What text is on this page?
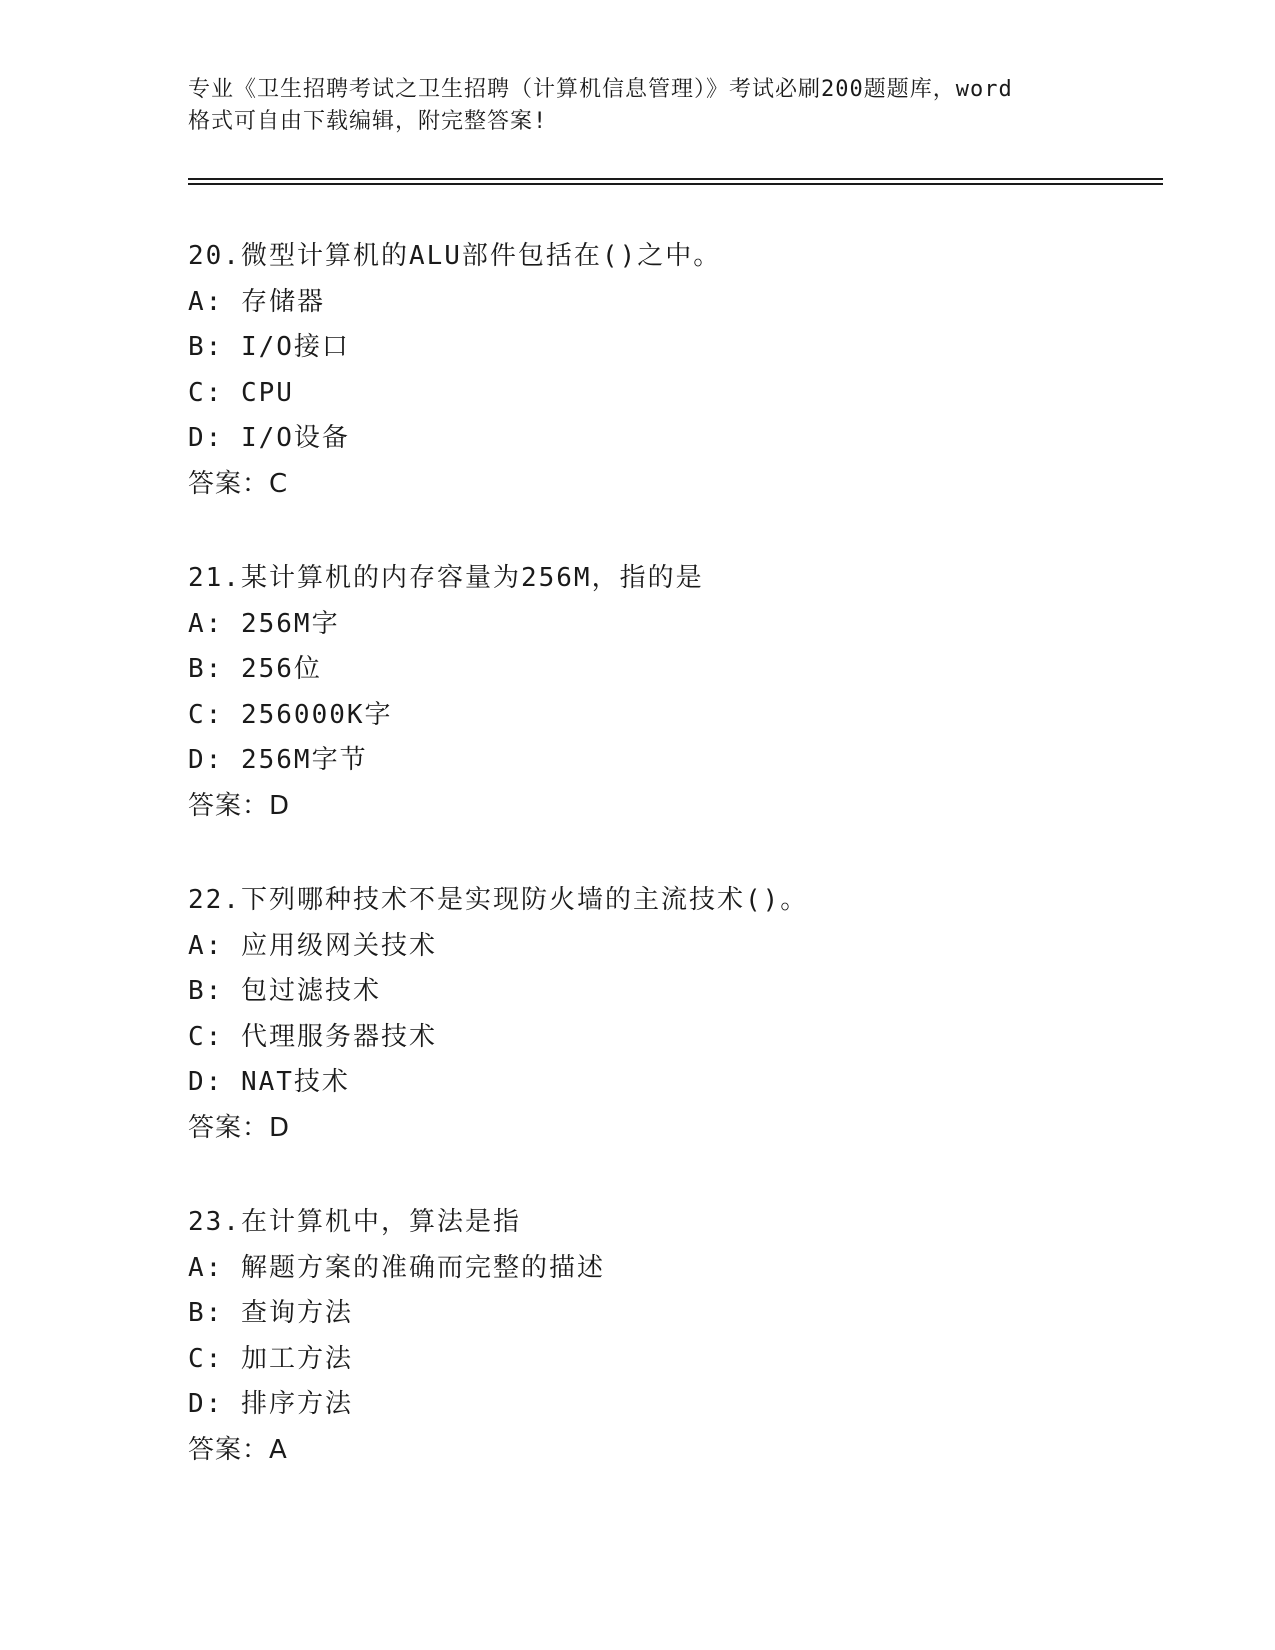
专业《卫生招聘考试之卫生招聘（计算机信息管理）》考试必刷200题题库，word
格式可自由下载编辑，附完整答案!
20.微型计算机的ALU部件包括在()之中。
A: 存储器
B: I/O接口
C: CPU
D: I/O设备
答案：C
21.某计算机的内存容量为256M，指的是
A: 256M字
B: 256位
C: 256000K字
D: 256M字节
答案：D
22.下列哪种技术不是实现防火墙的主流技术()。
A: 应用级网关技术
B: 包过滤技术
C: 代理服务器技术
D: NAT技术
答案：D
23.在计算机中，算法是指
A: 解题方案的准确而完整的描述
B: 查询方法
C: 加工方法
D: 排序方法
答案：A
